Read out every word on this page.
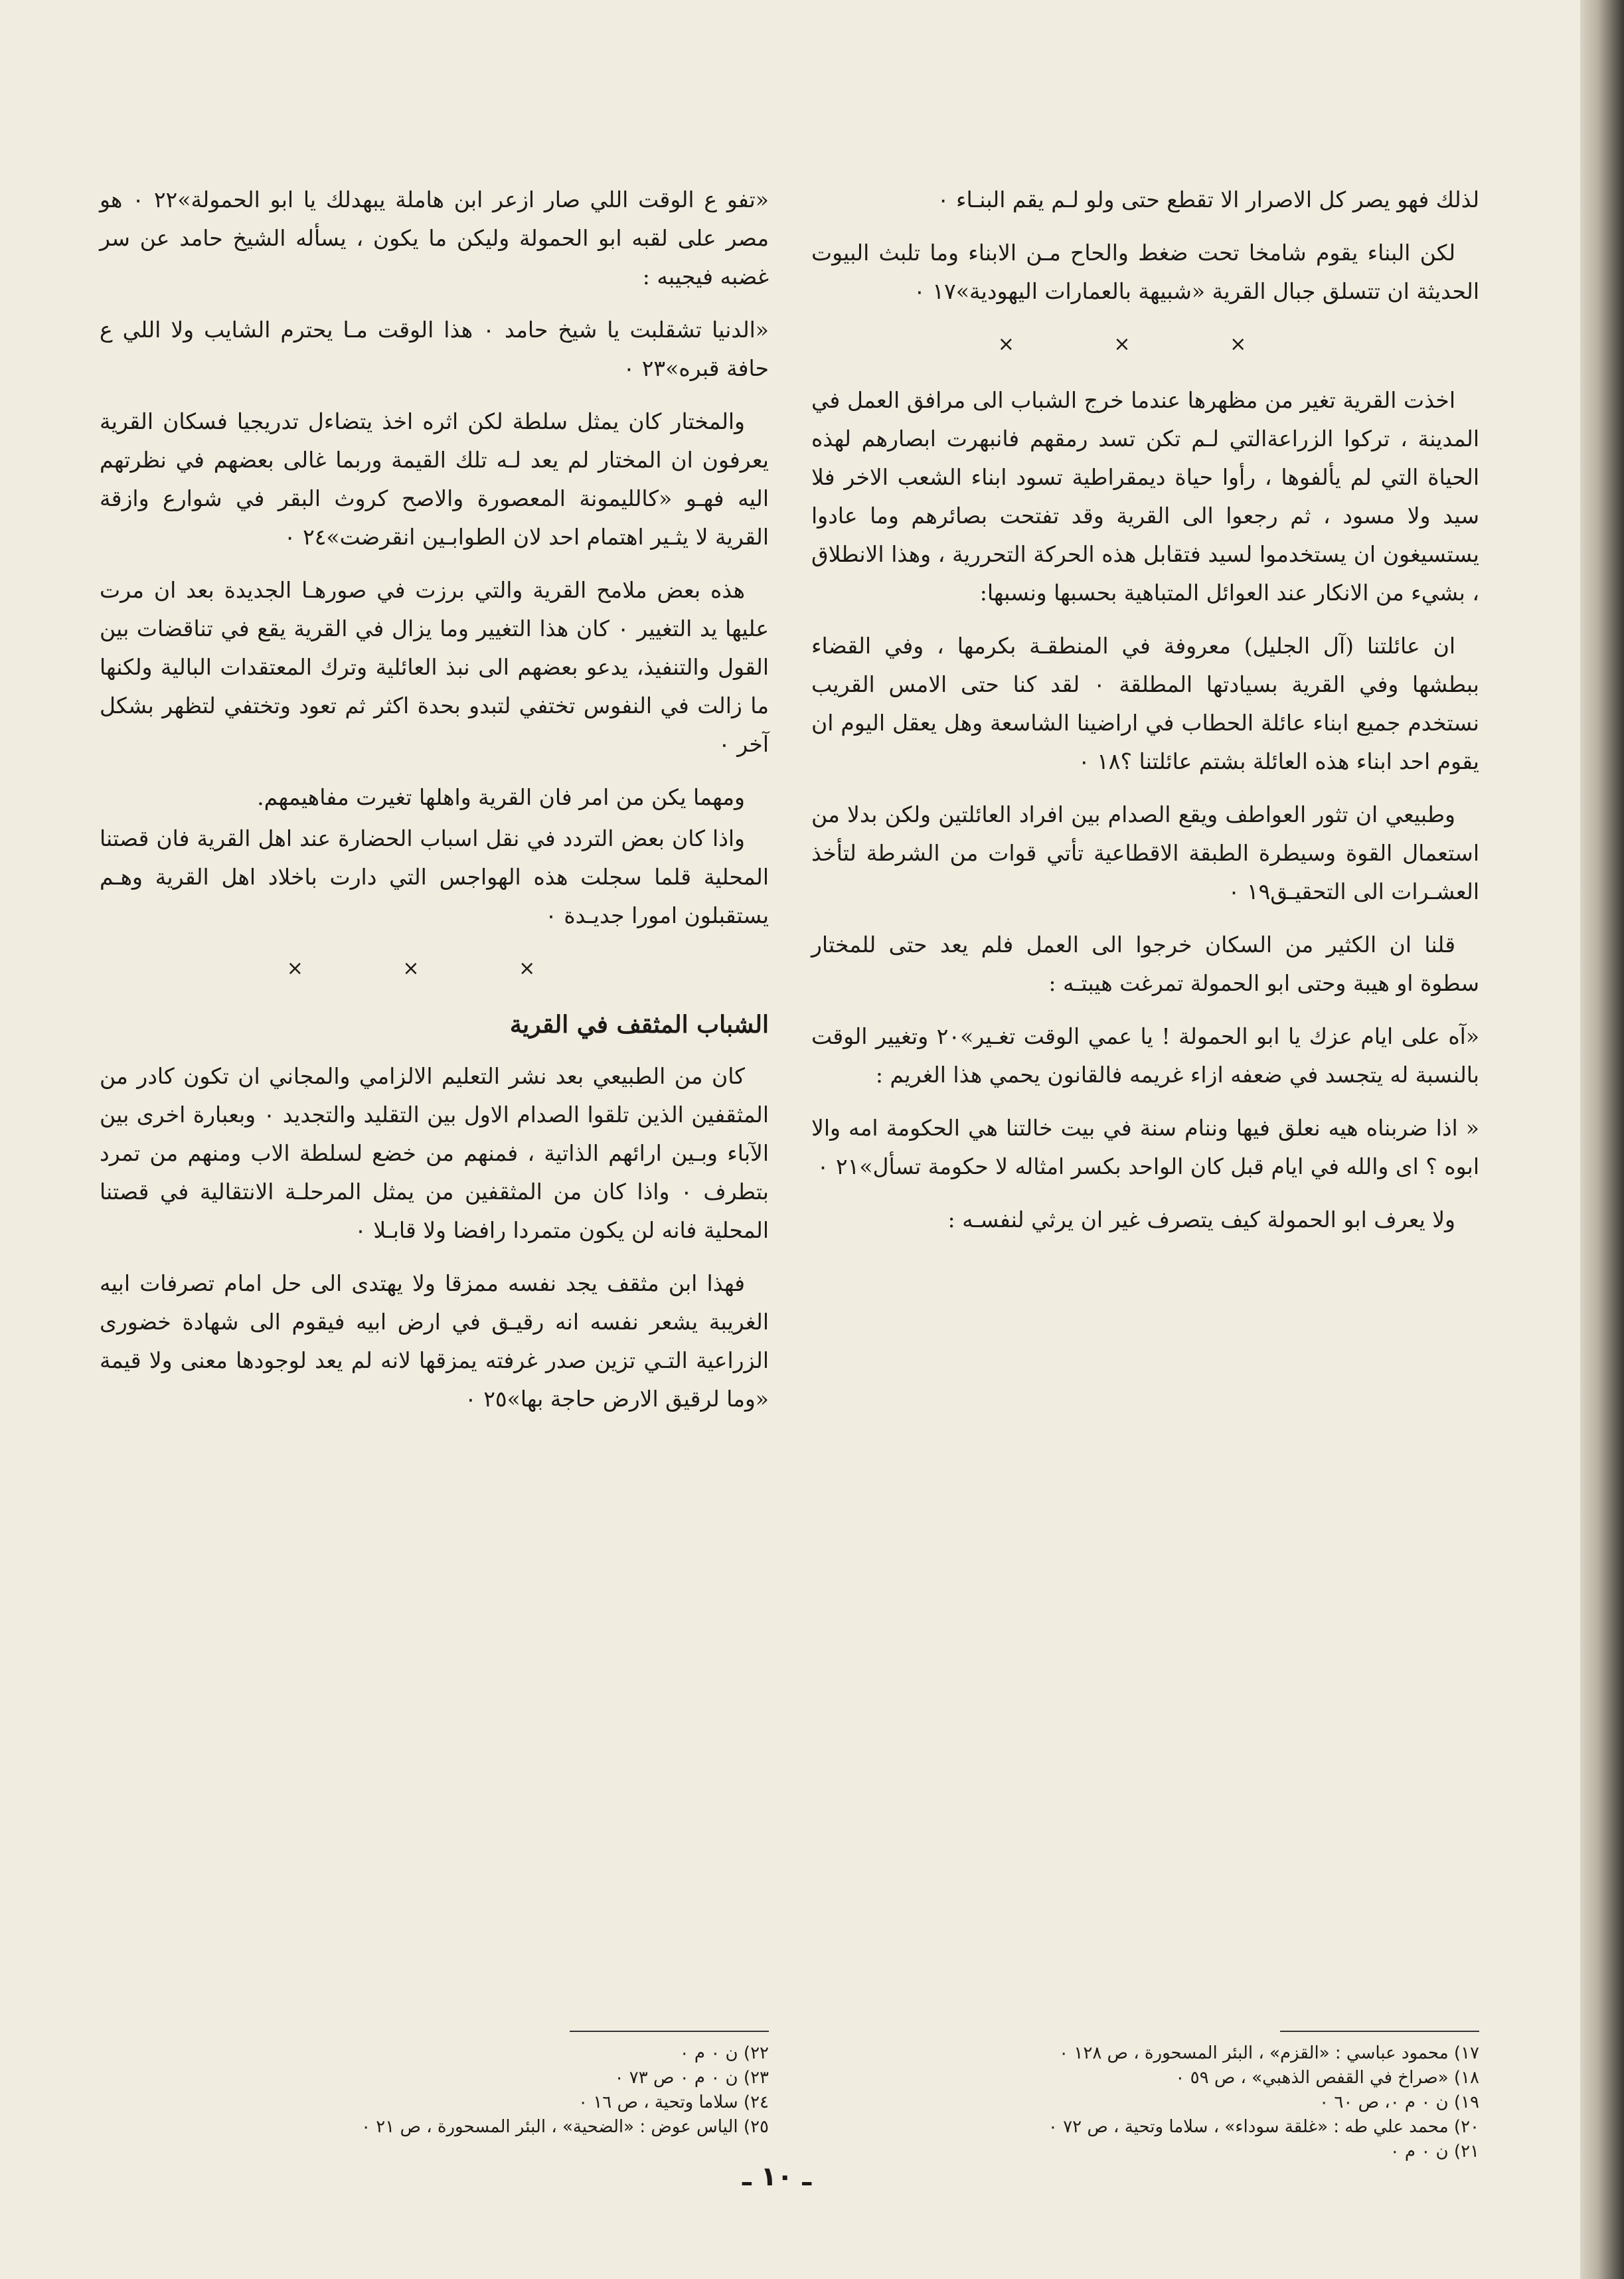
لذلك فهو يصر كل الاصرار الا تقطع حتى ولو لـم يقم البنـاء ٠

لكن البناء يقوم شامخا تحت ضغط والحاح مـن الابناء وما تلبث البيوت الحديثة ان تتسلق جبال القرية «شبيهة بالعمارات اليهودية»١٧ ٠

× × ×

اخذت القرية تغير من مظهرها عندما خرج الشباب الى مرافق العمل في المدينة ، تركوا الزراعةالتي لـم تكن تسد رمقهم فانبهرت ابصارهم لهذه الحياة التي لم يألفوها ، رأوا حياة ديمقراطية تسود ابناء الشعب الاخر فلا سيد ولا مسود ، ثم رجعوا الى القرية وقد تفتحت بصائرهم وما عادوا يستسيغون ان يستخدموا لسيد فتقابل هذه الحركة التحررية ، وهذا الانطلاق ، بشيء من الانكار عند العوائل المتباهية بحسبها ونسبها:

ان عائلتنا (آل الجليل) معروفة في المنطقـة بكرمها ، وفي القضاء ببطشها وفي القرية بسيادتها المطلقة ٠ لقد كنا حتى الامس القريب نستخدم جميع ابناء عائلة الحطاب في اراضينا الشاسعة وهل يعقل اليوم ان يقوم احد ابناء هذه العائلة بشتم عائلتنا ؟١٨ ٠

وطبيعي ان تثور العواطف ويقع الصدام بين افراد العائلتين ولكن بدلا من استعمال القوة وسيطرة الطبقة الاقطاعية تأتي قوات من الشرطة لتأخذ العشـرات الى التحقيـق١٩ ٠

قلنا ان الكثير من السكان خرجوا الى العمل فلم يعد حتى للمختار سطوة او هيبة وحتى ابو الحمولة تمرغت هيبتـه :

«آه على ايام عزك يا ابو الحمولة ! يا عمي الوقت تغـير»٢٠ وتغيير الوقت بالنسبة له يتجسد في ضعفه ازاء غريمه فالقانون يحمي هذا الغريم :

« اذا ضربناه هيه نعلق فيها وننام سنة في بيت خالتنا هي الحكومة امه والا ابوه ؟ اى والله في ايام قبل كان الواحد بكسر امثاله لا حكومة تسأل»٢١ ٠

ولا يعرف ابو الحمولة كيف يتصرف غير ان يرثي لنفسـه :

«تفو ع الوقت اللي صار ازعر ابن هاملة يبهدلك يا ابو الحمولة»٢٢ ٠ هو مصر على لقبه ابو الحمولة وليكن ما يكون ، يسأله الشيخ حامد عن سر غضبه فيجيبه :

«الدنيا تشقلبت يا شيخ حامد ٠ هذا الوقت مـا يحترم الشايب ولا اللي ع حافة قبره»٢٣ ٠

والمختار كان يمثل سلطة لكن اثره اخذ يتضاءل تدريجيا فسكان القرية يعرفون ان المختار لم يعد لـه تلك القيمة وربما غالى بعضهم في نظرتهم اليه فهـو «كالليمونة المعصورة والاصح كروث البقر في شوارع وازقة القرية لا يثـير اهتمام احد لان الطوابـين انقرضت»٢٤ ٠

هذه بعض ملامح القرية والتي برزت في صورهـا الجديدة بعد ان مرت عليها يد التغيير ٠ كان هذا التغيير وما يزال في القرية يقع في تناقضات بين القول والتنفيذ، يدعو بعضهم الى نبذ العائلية وترك المعتقدات البالية ولكنها ما زالت في النفوس تختفي لتبدو بحدة اكثر ثم تعود وتختفي لتظهر بشكل آخر ٠

ومهما يكن من امر فان القرية واهلها تغيرت مفاهيمهم.

واذا كان بعض التردد في نقل اسباب الحضارة عند اهل القرية فان قصتنا المحلية قلما سجلت هذه الهواجس التي دارت باخلاد اهل القرية وهـم يستقبلون امورا جديـدة ٠

× × ×
الشباب المثقف في القرية

كان من الطبيعي بعد نشر التعليم الالزامي والمجاني ان تكون كادر من المثقفين الذين تلقوا الصدام الاول بين التقليد والتجديد ٠ وبعبارة اخرى بين الآباء وبـين ارائهم الذاتية ، فمنهم من خضع لسلطة الاب ومنهم من تمرد بتطرف ٠ واذا كان من المثقفين من يمثل المرحلـة الانتقالية في قصتنا المحلية فانه لن يكون متمردا رافضا ولا قابـلا ٠

فهذا ابن مثقف يجد نفسه ممزقا ولا يهتدى الى حل امام تصرفات ابيه الغريبة يشعر نفسه انه رقيـق في ارض ابيه فيقوم الى شهادة خضورى الزراعية التـي تزين صدر غرفته يمزقها لانه لم يعد لوجودها معنى ولا قيمة «وما لرقيق الارض حاجة بها»٢٥ ٠

١٧) محمود عباسي : «القزم» ، البئر المسحورة ، ص ١٢٨ ٠
١٨) «صراخ في القفص الذهبي» ، ص ٥٩ ٠
١٩) ن ٠ م ٠، ص ٦٠ ٠
٢٠) محمد علي طه : «غلقة سوداء» ، سلاما وتحية ، ص ٧٢ ٠
٢١) ن ٠ م ٠
٢٢) ن ٠ م ٠
٢٣) ن ٠ م ٠ ص ٧٣ ٠
٢٤) سلاما وتحية ، ص ١٦ ٠
٢٥) الياس عوض : «الضحية» ، البئر المسحورة ، ص ٢١ ٠
ـ ١٠ ـ
